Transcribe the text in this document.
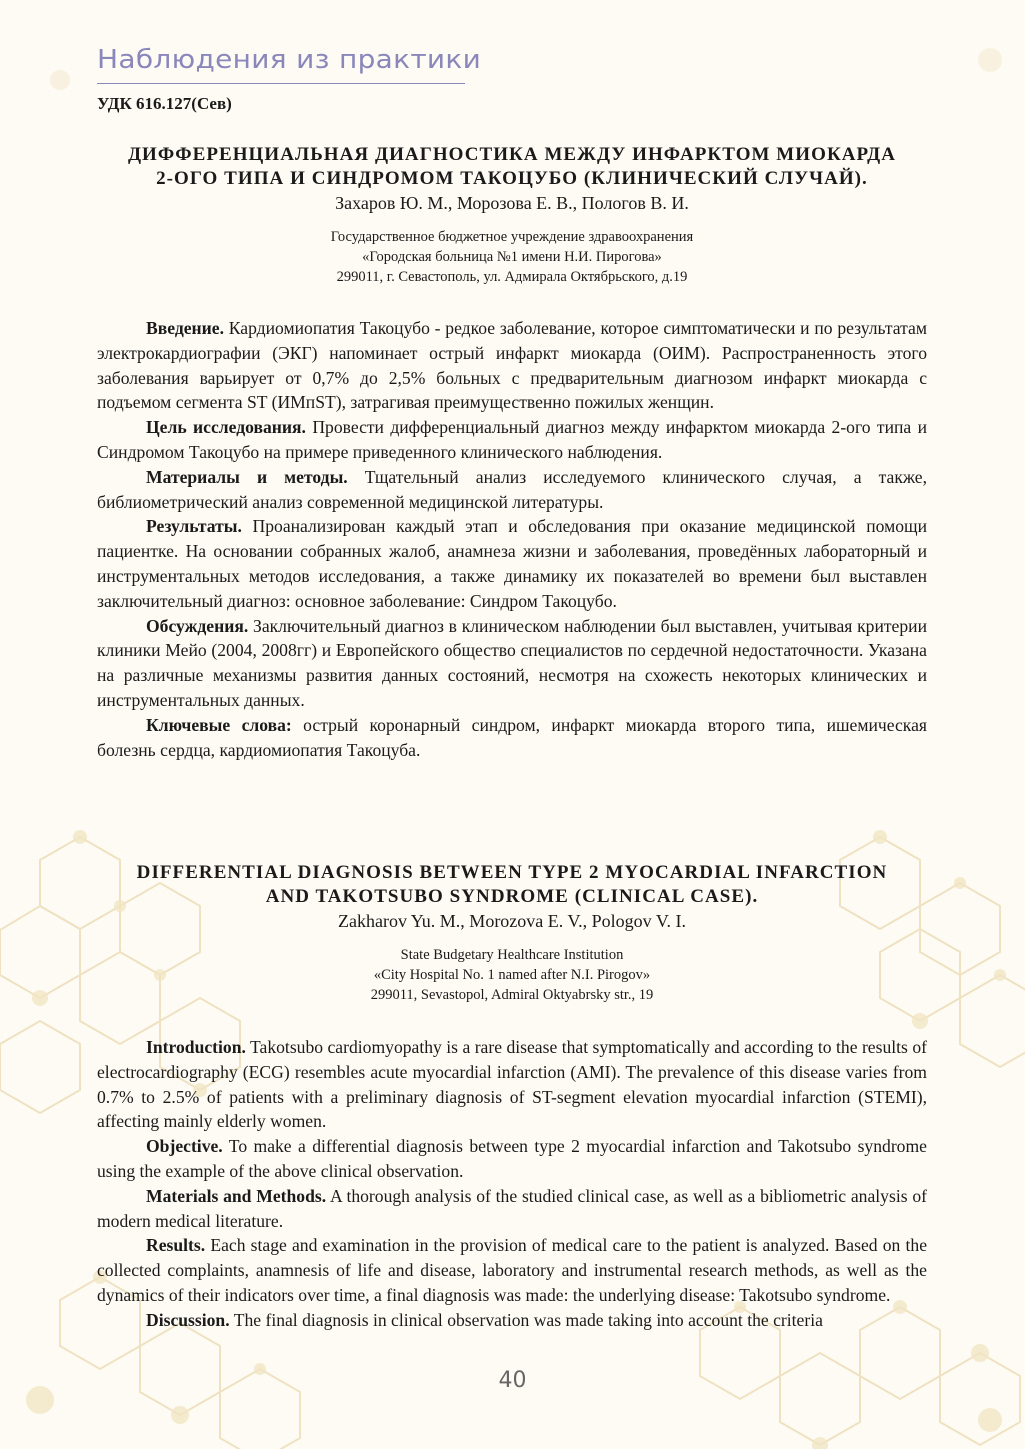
Наблюдения из практики
УДК 616.127(Сев)
ДИФФЕРЕНЦИАЛЬНАЯ ДИАГНОСТИКА МЕЖДУ ИНФАРКТОМ МИОКАРДА
2-ОГО ТИПА И СИНДРОМОМ ТАКОЦУБО (КЛИНИЧЕСКИЙ СЛУЧАЙ).
Захаров Ю. М., Морозова Е. В., Пологов В. И.
Государственное бюджетное учреждение здравоохранения
«Городская больница №1 имени Н.И. Пирогова»
299011, г. Севастополь, ул. Адмирала Октябрьского, д.19

Введение. Кардиомиопатия Такоцубо - редкое заболевание, которое симптоматически и по результатам электрокардиографии (ЭКГ) напоминает острый инфаркт миокарда (ОИМ). Распространенность этого заболевания варьирует от 0,7% до 2,5% больных с предварительным диагнозом инфаркт миокарда с подъемом сегмента ST (ИМпST), затрагивая преимущественно пожилых женщин.

Цель исследования. Провести дифференциальный диагноз между инфарктом миокарда 2-ого типа и Синдромом Такоцубо на примере приведенного клинического наблюдения.

Материалы и методы. Тщательный анализ исследуемого клинического случая, а также, библиометрический анализ современной медицинской литературы.

Результаты. Проанализирован каждый этап и обследования при оказание медицинской помощи пациентке. На основании собранных жалоб, анамнеза жизни и заболевания, проведённых лабораторный и инструментальных методов исследования, а также динамику их показателей во времени был выставлен заключительный диагноз: основное заболевание: Синдром Такоцубо.

Обсуждения. Заключительный диагноз в клиническом наблюдении был выставлен, учитывая критерии клиники Мейо (2004, 2008гг) и Европейского общество специалистов по сердечной недостаточности. Указана на различные механизмы развития данных состояний, несмотря на схожесть некоторых клинических и инструментальных данных.

Ключевые слова: острый коронарный синдром, инфаркт миокарда второго типа, ишемическая болезнь сердца, кардиомиопатия Такоцуба.

DIFFERENTIAL DIAGNOSIS BETWEEN TYPE 2 MYOCARDIAL INFARCTION
AND TAKOTSUBO SYNDROME (CLINICAL CASE).
Zakharov Yu. M., Morozova E. V., Pologov V. I.
State Budgetary Healthcare Institution
«City Hospital No. 1 named after N.I. Pirogov»
299011, Sevastopol, Admiral Oktyabrsky str., 19

Introduction. Takotsubo cardiomyopathy is a rare disease that symptomatically and according to the results of electrocardiography (ECG) resembles acute myocardial infarction (AMI). The prevalence of this disease varies from 0.7% to 2.5% of patients with a preliminary diagnosis of ST-segment elevation myocardial infarction (STEMI), affecting mainly elderly women.

Objective. To make a differential diagnosis between type 2 myocardial infarction and Takotsubo syndrome using the example of the above clinical observation.

Materials and Methods. A thorough analysis of the studied clinical case, as well as a bibliometric analysis of modern medical literature.

Results. Each stage and examination in the provision of medical care to the patient is analyzed. Based on the collected complaints, anamnesis of life and disease, laboratory and instrumental research methods, as well as the dynamics of their indicators over time, a final diagnosis was made: the underlying disease: Takotsubo syndrome.

Discussion. The final diagnosis in clinical observation was made taking into account the criteria

40
